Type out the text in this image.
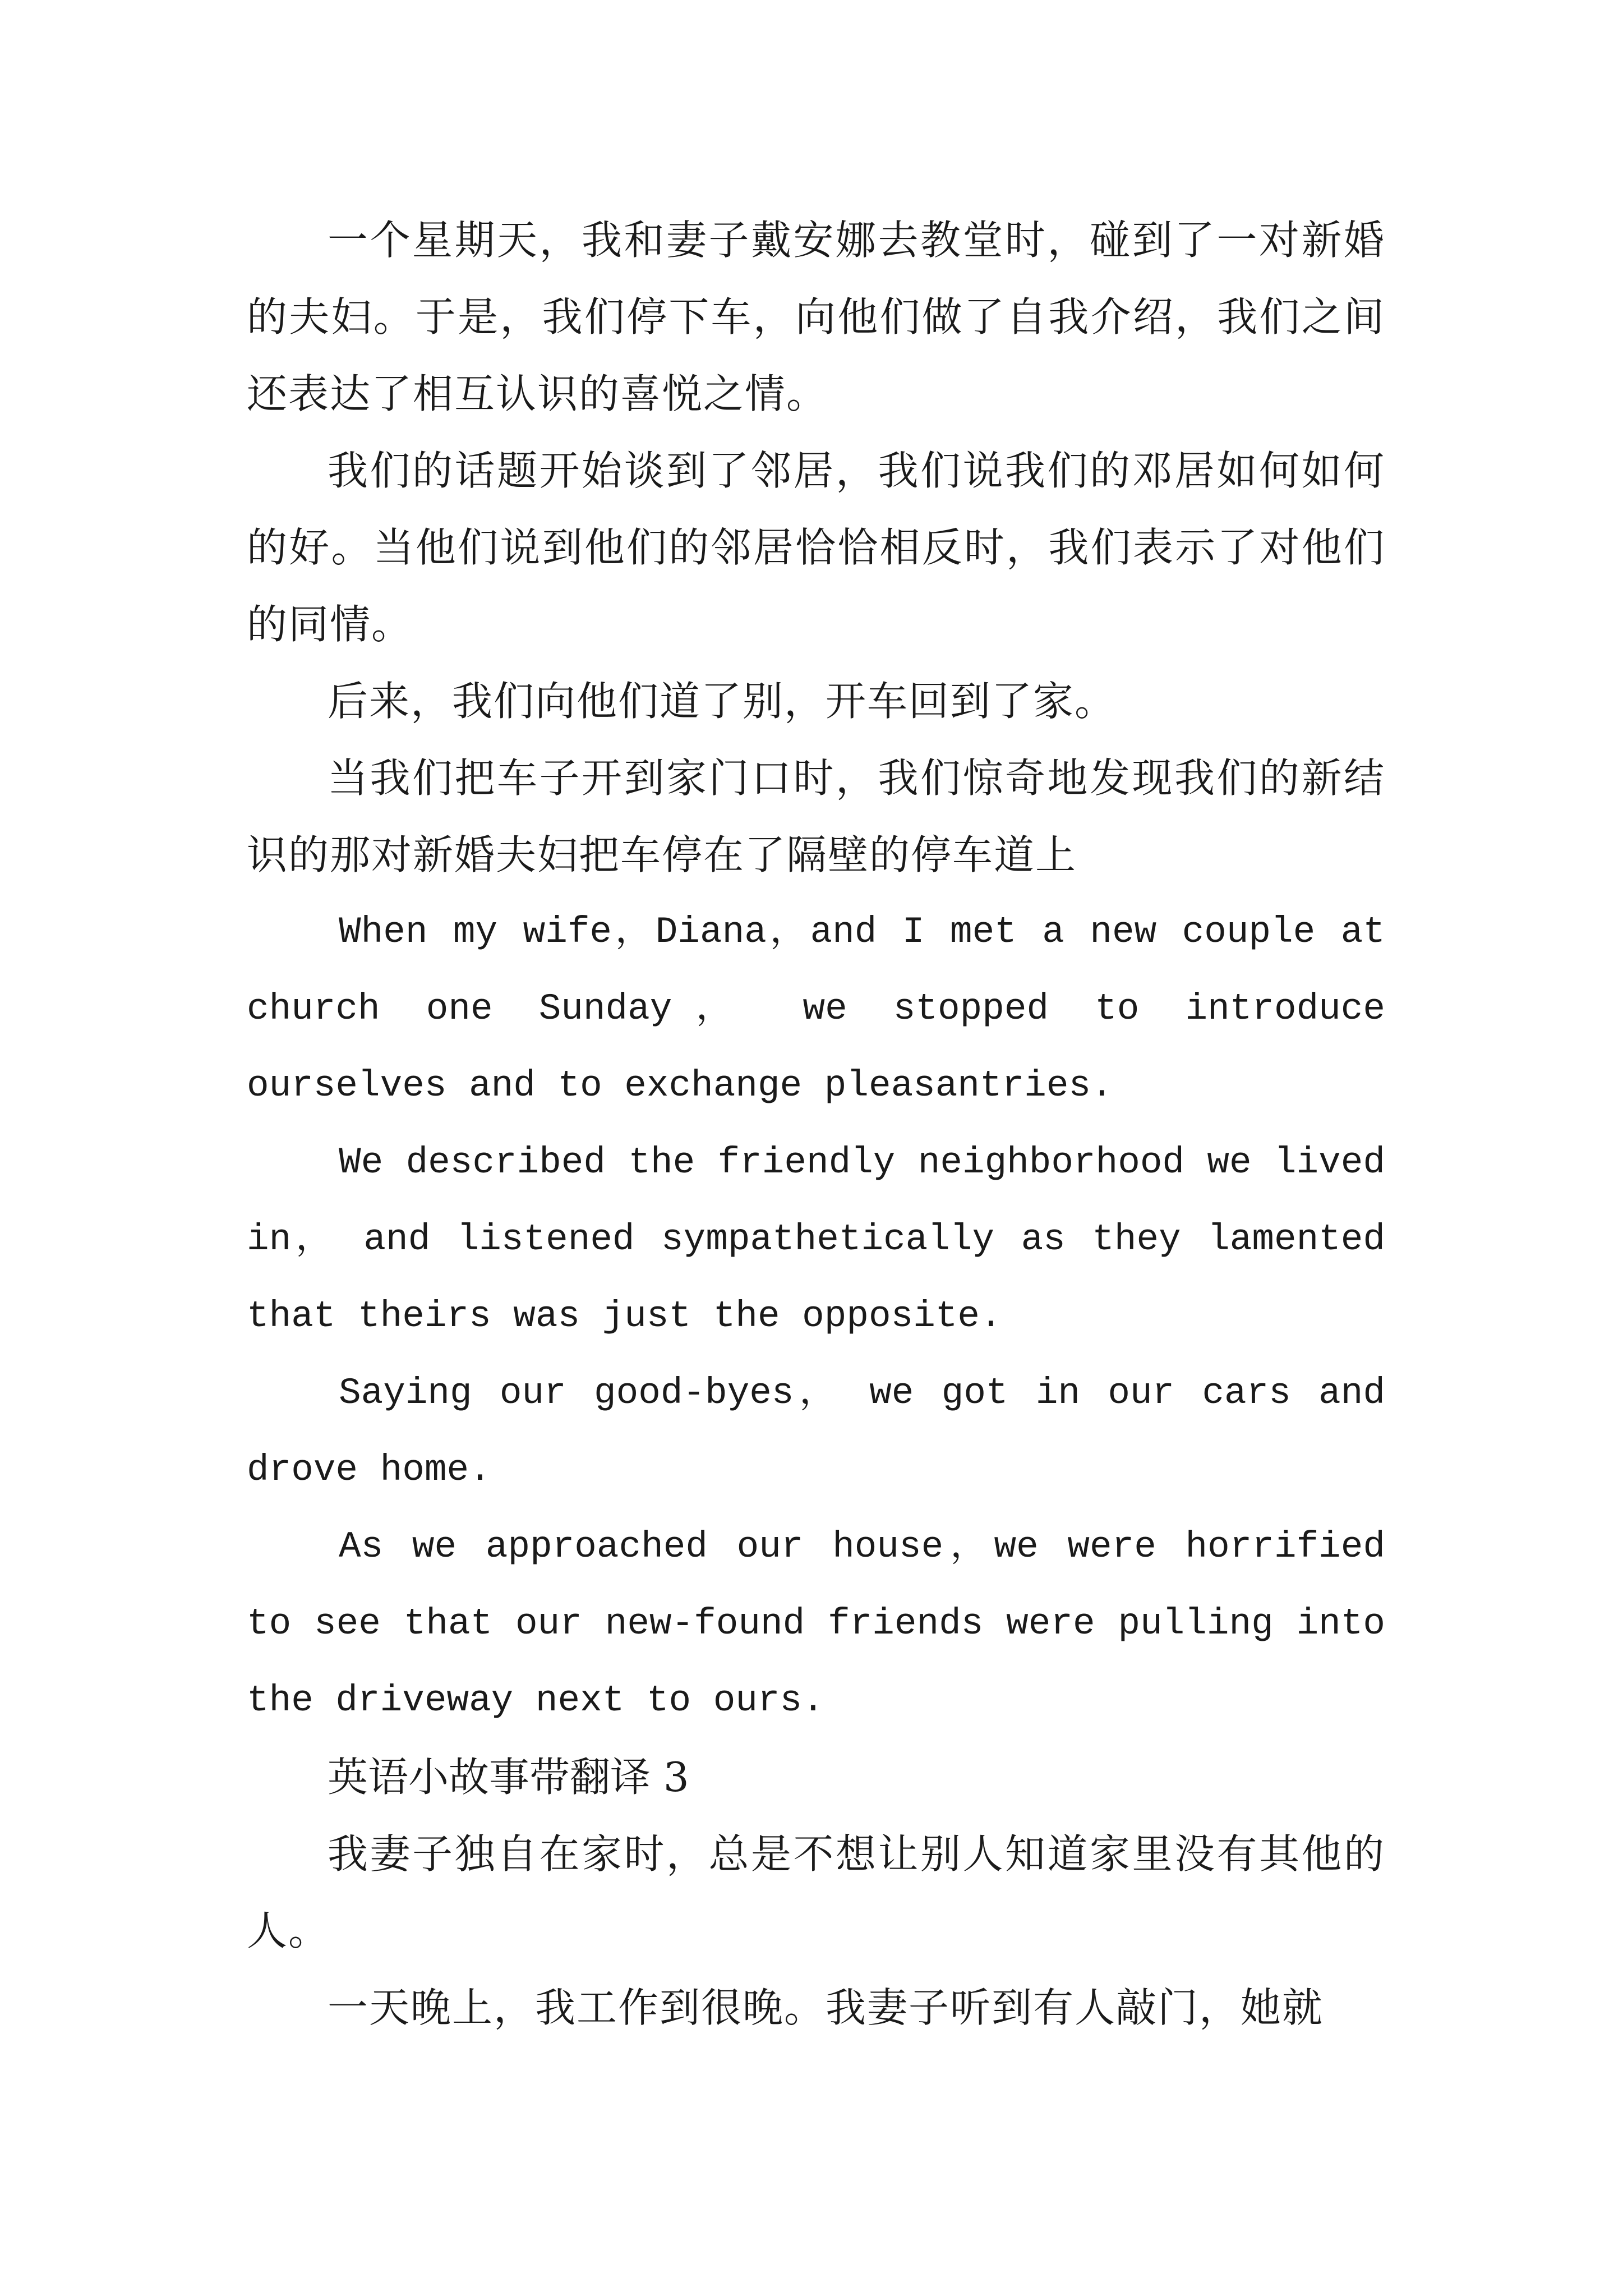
一个星期天，我和妻子戴安娜去教堂时，碰到了一对新婚的夫妇。于是，我们停下车，向他们做了自我介绍，我们之间还表达了相互认识的喜悦之情。

我们的话题开始谈到了邻居，我们说我们的邓居如何如何的好。当他们说到他们的邻居恰恰相反时，我们表示了对他们的同情。

后来，我们向他们道了别，开车回到了家。

当我们把车子开到家门口时，我们惊奇地发现我们的新结识的那对新婚夫妇把车停在了隔壁的停车道上

When my wife，Diana，and I met a new couple at church one Sunday， we stopped to introduce ourselves and to exchange pleasantries.

We described the friendly neighborhood we lived in， and listened sympathetically as they lamented that theirs was just the opposite.

Saying our good-byes， we got in our cars and drove home.

As we approached our house，we were horrified to see that our new-found friends were pulling into the driveway next to ours.

英语小故事带翻译 3

我妻子独自在家时，总是不想让别人知道家里没有其他的人。

一天晚上，我工作到很晚。我妻子听到有人敲门，她就
